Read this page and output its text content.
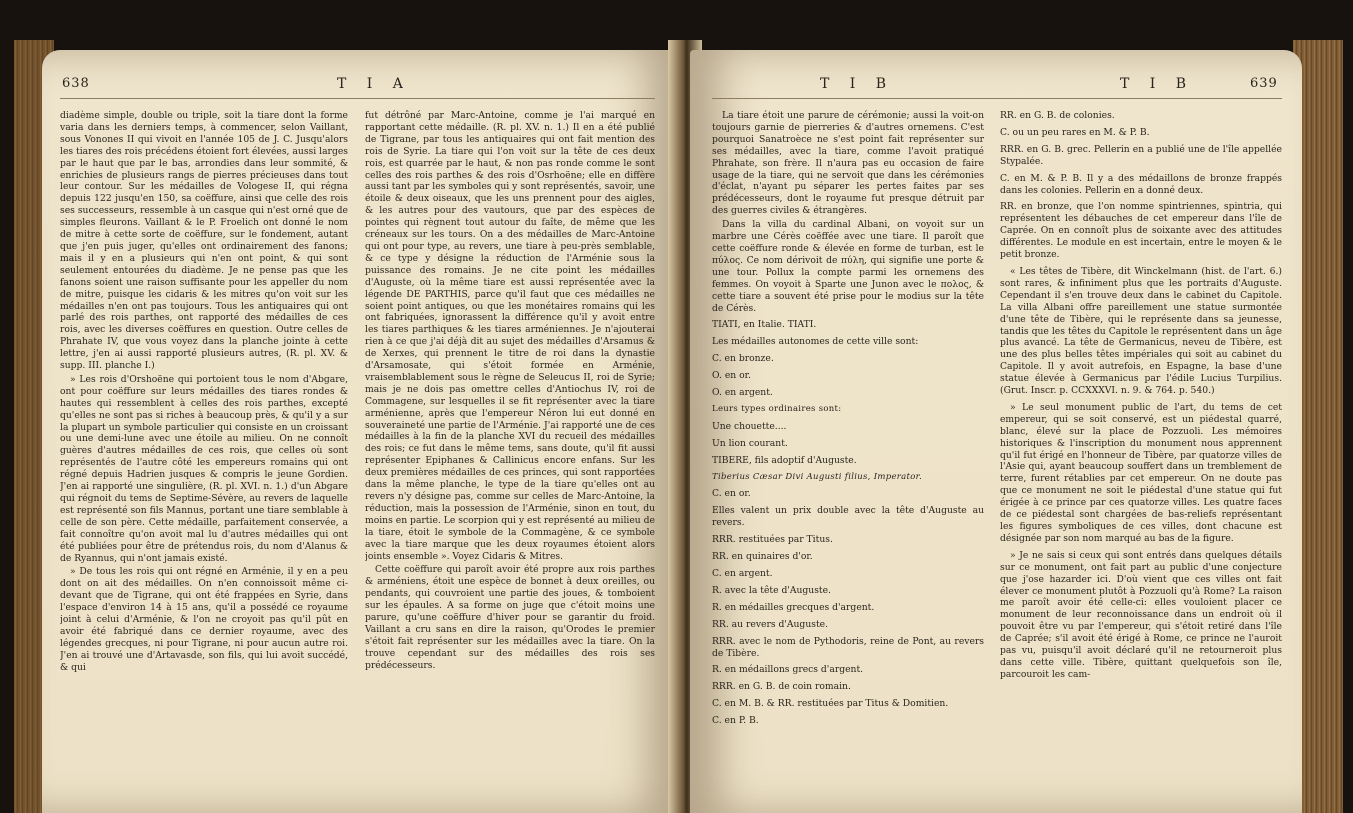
638	T I A

diadème simple, double ou triple, soit la tiare dont la forme varia dans les derniers temps, à commencer, selon Vaillant, sous Vonones II qui vivoit en l'année 105 de J. C. Jusqu'alors les tiares des rois précédens étoient fort élevées, aussi larges par le haut que par le bas, arrondies dans leur sommité, & enrichies de plusieurs rangs de pierres précieuses dans tout leur contour. Sur les médailles de Vologese II, qui régna depuis 122 jusqu'en 150, sa coëffure, ainsi que celle des rois ses successeurs, ressemble à un casque qui n'est orné que de simples fleurons. Vaillant & le P. Froelich ont donné le nom de mitre à cette sorte de coëffure, sur le fondement, autant que j'en puis juger, qu'elles ont ordinairement des fanons; mais il y en a plusieurs qui n'en ont point, & qui sont seulement entourées du diadème. Je ne pense pas que les fanons soient une raison suffisante pour les appeller du nom de mitre, puisque les cidaris & les mitres qu'on voit sur les médailles n'en ont pas toujours. Tous les antiquaires qui ont parlé des rois parthes, ont rapporté des médailles de ces rois, avec les diverses coëffures en question. Outre celles de Phrahate IV, que vous voyez dans la planche jointe à cette lettre, j'en ai aussi rapporté plusieurs autres, (R. pl. XV. & supp. III. planche I.)

» Les rois d'Orshoëne qui portoient tous le nom d'Abgare, ont pour coëffure sur leurs médailles des tiares rondes & hautes qui ressemblent à celles des rois parthes, excepté qu'elles ne sont pas si riches à beaucoup près, & qu'il y a sur la plupart un symbole particulier qui consiste en un croissant ou une demi-lune avec une étoile au milieu. On ne connoît guères d'autres médailles de ces rois, que celles où sont représentés de l'autre côté les empereurs romains qui ont régné depuis Hadrien jusques & compris le jeune Gordien. J'en ai rapporté une singulière, (R. pl. XVI. n. 1.) d'un Abgare qui régnoit du tems de Septime-Sévère, au revers de laquelle est représenté son fils Mannus, portant une tiare semblable à celle de son père. Cette médaille, parfaitement conservée, a fait connoître qu'on avoit mal lu d'autres médailles qui ont été publiées pour être de prétendus rois, du nom d'Alanus & de Ryannus, qui n'ont jamais existé.

» De tous les rois qui ont régné en Arménie, il y en a peu dont on ait des médailles. On n'en connoissoit même ci-devant que de Tigrane, qui ont été frappées en Syrie, dans l'espace d'environ 14 à 15 ans, qu'il a possédé ce royaume joint à celui d'Arménie, & l'on ne croyoit pas qu'il pût en avoir été fabriqué dans ce dernier royaume, avec des légendes grecques, ni pour Tigrane, ni pour aucun autre roi. J'en ai trouvé une d'Artavasde, son fils, qui lui avoit succédé, & qui

fut détrôné par Marc-Antoine, comme je l'ai marqué en rapportant cette médaille. (R. pl. XV. n. 1.) Il en a été publié de Tigrane, par tous les antiquaires qui ont fait mention des rois de Syrie. La tiare qui l'on voit sur la tête de ces deux rois, est quarrée par le haut, & non pas ronde comme le sont celles des rois parthes & des rois d'Osrhoëne; elle en diffère aussi tant par les symboles qui y sont représentés, savoir, une étoile & deux oiseaux, que les uns prennent pour des aigles, & les autres pour des vautours, que par des espèces de pointes qui règnent tout autour du faîte, de même que les créneaux sur les tours. On a des médailles de Marc-Antoine qui ont pour type, au revers, une tiare à peu-près semblable, & ce type y désigne la réduction de l'Arménie sous la puissance des romains. Je ne cite point les médailles d'Auguste, où la même tiare est aussi représentée avec la légende DE PARTHIS, parce qu'il faut que ces médailles ne soient point antiques, ou que les monétaires romains qui les ont fabriquées, ignorassent la différence qu'il y avoit entre les tiares parthiques & les tiares arméniennes. Je n'ajouterai rien à ce que j'ai déjà dit au sujet des médailles d'Arsamus & de Xerxes, qui prennent le titre de roi dans la dynastie d'Arsamosate, qui s'étoit formée en Arménie, vraisemblablement sous le règne de Seleucus II, roi de Syrie; mais je ne dois pas omettre celles d'Antiochus IV, roi de Commagene, sur lesquelles il se fit représenter avec la tiare arménienne, après que l'empereur Néron lui eut donné en souveraineté une partie de l'Arménie. J'ai rapporté une de ces médailles à la fin de la planche XVI du recueil des médailles des rois; ce fut dans le même tems, sans doute, qu'il fit aussi représenter Epiphanes & Callinicus encore enfans. Sur les deux premières médailles de ces princes, qui sont rapportées dans la même planche, le type de la tiare qu'elles ont au revers n'y désigne pas, comme sur celles de Marc-Antoine, la réduction, mais la possession de l'Arménie, sinon en tout, du moins en partie. Le scorpion qui y est représenté au milieu de la tiare, étoit le symbole de la Commagène, & ce symbole avec la tiare marque que les deux royaumes étoient alors joints ensemble ». Voyez Cidaris & Mitres.

Cette coëffure qui paroît avoir été propre aux rois parthes & arméniens, étoit une espèce de bonnet à deux oreilles, ou pendants, qui couvroient une partie des joues, & tomboient sur les épaules. A sa forme on juge que c'étoit moins une parure, qu'une coëffure d'hiver pour se garantir du froid. Vaillant a cru sans en dire la raison, qu'Orodes le premier s'étoit fait représenter sur les médailles avec la tiare. On la trouve cependant sur des médailles des rois ses prédécesseurs.

T I B	T I B	639

La tiare étoit une parure de cérémonie; aussi la voit-on toujours garnie de pierreries & d'autres ornemens. C'est pourquoi Sanatroèce ne s'est point fait représenter sur ses médailles, avec la tiare, comme l'avoit pratiqué Phrahate, son frère. Il n'aura pas eu occasion de faire usage de la tiare, qui ne servoit que dans les cérémonies d'éclat, n'ayant pu séparer les pertes faites par ses prédécesseurs, dont le royaume fut presque détruit par des guerres civiles & étrangères.

Dans la villa du cardinal Albani, on voyoit sur un marbre une Cérès coëffée avec une tiare. Il paroît que cette coëffure ronde & élevée en forme de turban, est le πύλος. Ce nom dérivoit de πύλη, qui signifie une porte & une tour. Pollux la compte parmi les ornemens des femmes. On voyoit à Sparte une Junon avec le πολος, & cette tiare a souvent été prise pour le modius sur la tête de Cérès.

TIATI, en Italie. TIATI.

Les médailles autonomes de cette ville sont:

C. en bronze.

O. en or.

O. en argent.

Leurs types ordinaires sont:

Une chouette....

Un lion courant.

TIBERE, fils adoptif d'Auguste.

Tiberius Cæsar Divi Augusti filius, Imperator.

C. en or.

Elles valent un prix double avec la tête d'Auguste au revers.

RRR. restituées par Titus.

RR. en quinaires d'or.

C. en argent.

R. avec la tête d'Auguste.

R. en médailles grecques d'argent.

RR. au revers d'Auguste.

RRR. avec le nom de Pythodoris, reine de Pont, au revers de Tibère.

R. en médaillons grecs d'argent.

RRR. en G. B. de coin romain.

C. en M. B. & RR. restituées par Titus & Domitien.

C. en P. B.

RR. en G. B. de colonies.

C. ou un peu rares en M. & P. B.

RRR. en G. B. grec. Pellerin en a publié une de l'île appellée Stypalée.

C. en M. & P. B. Il y a des médaillons de bronze frappés dans les colonies. Pellerin en a donné deux.

RR. en bronze, que l'on nomme spintriennes, spintria, qui représentent les débauches de cet empereur dans l'île de Caprée. On en connoît plus de soixante avec des attitudes différentes. Le module en est incertain, entre le moyen & le petit bronze.

« Les têtes de Tibère, dit Winckelmann (hist. de l'art. 6.) sont rares, & infiniment plus que les portraits d'Auguste. Cependant il s'en trouve deux dans le cabinet du Capitole. La villa Albani offre pareillement une statue surmontée d'une tête de Tibère, qui le représente dans sa jeunesse, tandis que les têtes du Capitole le représentent dans un âge plus avancé. La tête de Germanicus, neveu de Tibère, est une des plus belles têtes impériales qui soit au cabinet du Capitole. Il y avoit autrefois, en Espagne, la base d'une statue élevée à Germanicus par l'édile Lucius Turpilius. (Grut. Inscr. p. CCXXXVI. n. 9. & 764. p. 540.)

» Le seul monument public de l'art, du tems de cet empereur, qui se soit conservé, est un piédestal quarré, blanc, élevé sur la place de Pozzuoli. Les mémoires historiques & l'inscription du monument nous apprennent qu'il fut érigé en l'honneur de Tibère, par quatorze villes de l'Asie qui, ayant beaucoup souffert dans un tremblement de terre, furent rétablies par cet empereur. On ne doute pas que ce monument ne soit le piédestal d'une statue qui fut érigée à ce prince par ces quatorze villes. Les quatre faces de ce piédestal sont chargées de bas-reliefs représentant les figures symboliques de ces villes, dont chacune est désignée par son nom marqué au bas de la figure.

» Je ne sais si ceux qui sont entrés dans quelques détails sur ce monument, ont fait part au public d'une conjecture que j'ose hazarder ici. D'où vient que ces villes ont fait élever ce monument plutôt à Pozzuoli qu'à Rome? La raison me paroît avoir été celle-ci: elles vouloient placer ce monument de leur reconnoissance dans un endroit où il pouvoit être vu par l'empereur, qui s'étoit retiré dans l'île de Caprée; s'il avoit été érigé à Rome, ce prince ne l'auroit pas vu, puisqu'il avoit déclaré qu'il ne retourneroit plus dans cette ville. Tibère, quittant quelquefois son île, parcouroit les cam-
